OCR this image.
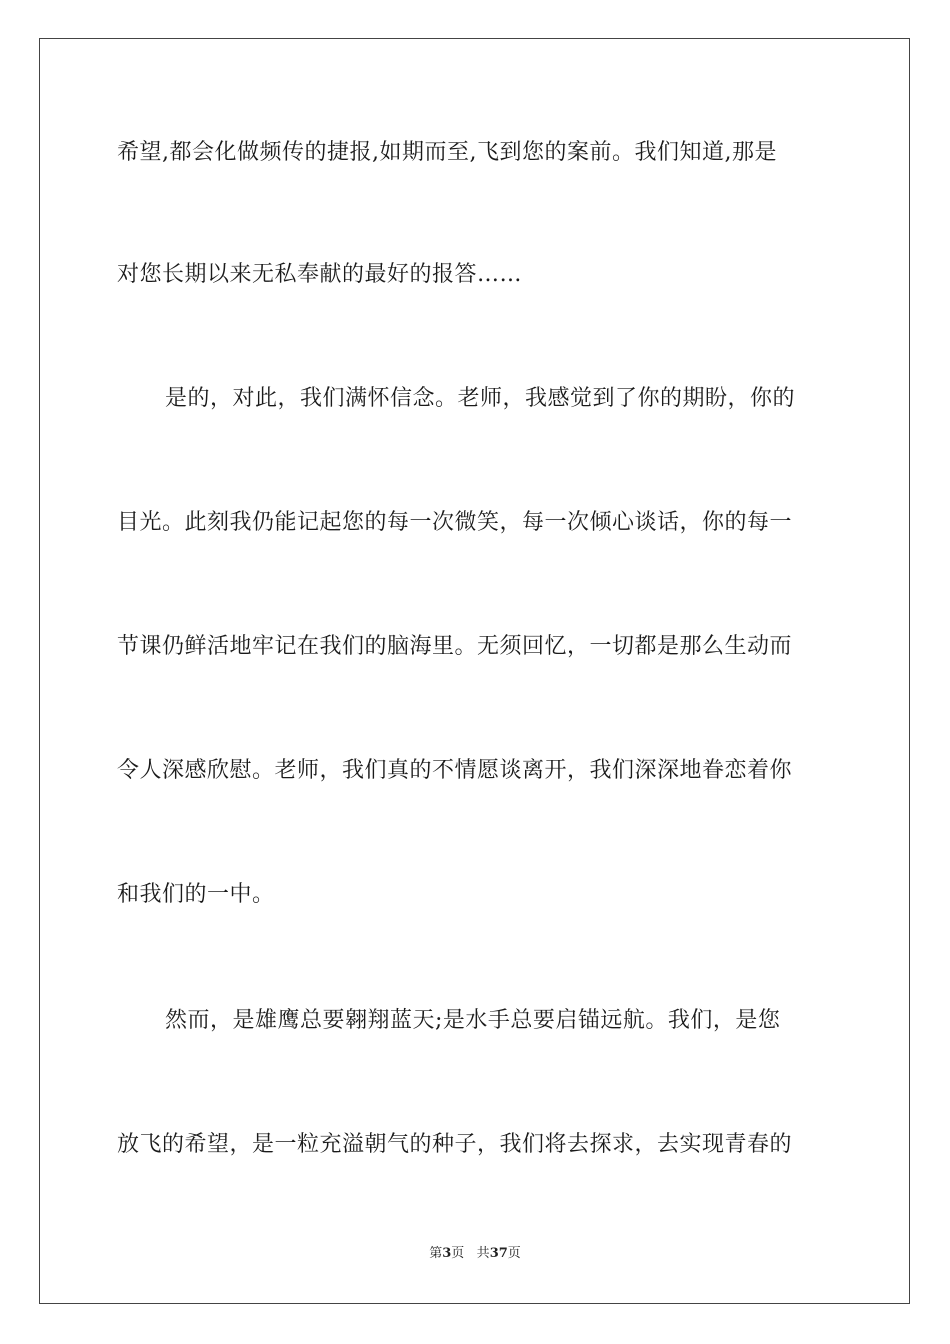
希望,都会化做频传的捷报,如期而至,飞到您的案前。我们知道,那是
对您长期以来无私奉献的最好的报答……
是的，对此，我们满怀信念。老师，我感觉到了你的期盼，你的
目光。此刻我仍能记起您的每一次微笑，每一次倾心谈话，你的每一
节课仍鲜活地牢记在我们的脑海里。无须回忆，一切都是那么生动而
令人深感欣慰。老师，我们真的不情愿谈离开，我们深深地眷恋着你
和我们的一中。
然而，是雄鹰总要翱翔蓝天;是水手总要启锚远航。我们，是您
放飞的希望，是一粒充溢朝气的种子，我们将去探求，去实现青春的
第3页 共37页
